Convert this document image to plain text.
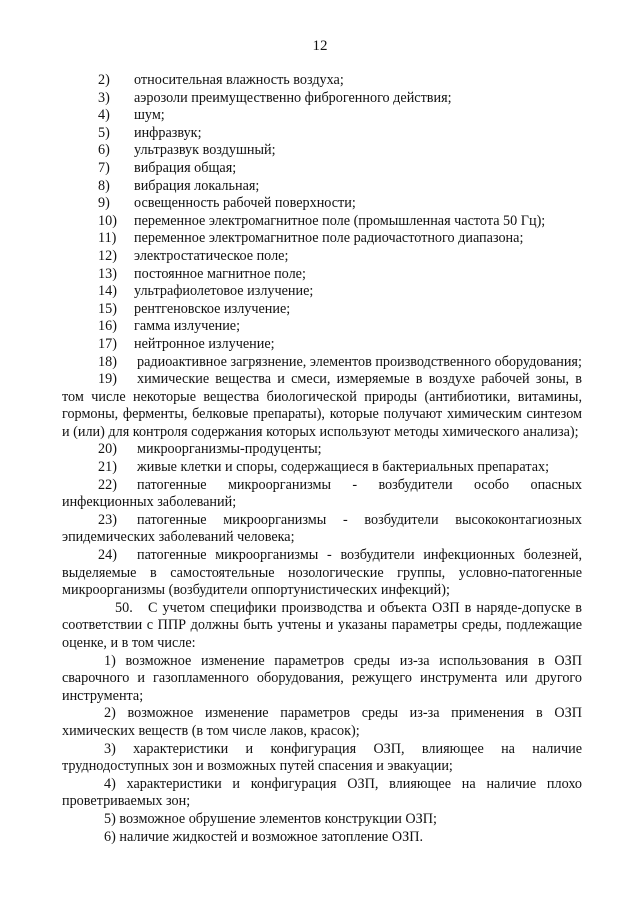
12
2)	относительная влажность воздуха;
3)	аэрозоли преимущественно фиброгенного действия;
4)	шум;
5)	инфразвук;
6)	ультразвук воздушный;
7)	вибрация общая;
8)	вибрация локальная;
9)	освещенность рабочей поверхности;
10)	переменное электромагнитное поле (промышленная частота 50 Гц);
11)	переменное электромагнитное поле радиочастотного диапазона;
12)	электростатическое поле;
13)	постоянное магнитное поле;
14)	ультрафиолетовое излучение;
15)	рентгеновское излучение;
16)	гамма излучение;
17)	нейтронное излучение;
18) радиоактивное загрязнение, элементов производственного оборудования;
19) химические вещества и смеси, измеряемые в воздухе рабочей зоны, в том числе некоторые вещества биологической природы (антибиотики, витамины, гормоны, ферменты, белковые препараты), которые получают химическим синтезом и (или) для контроля содержания которых используют методы химического анализа);
20) микроорганизмы-продуценты;
21) живые клетки и споры, содержащиеся в бактериальных препаратах;
22) патогенные микроорганизмы - возбудители особо опасных инфекционных заболеваний;
23) патогенные микроорганизмы - возбудители высококонтагиозных эпидемических заболеваний человека;
24) патогенные микроорганизмы - возбудители инфекционных болезней, выделяемые в самостоятельные нозологические группы, условно-патогенные микроорганизмы (возбудители оппортунистических инфекций);
50. С учетом специфики производства и объекта ОЗП в наряде-допуске в соответствии с ППР должны быть учтены и указаны параметры среды, подлежащие оценке, и в том числе:
1) возможное изменение параметров среды из-за использования в ОЗП сварочного и газопламенного оборудования, режущего инструмента или другого инструмента;
2) возможное изменение параметров среды из-за применения в ОЗП химических веществ (в том числе лаков, красок);
3) характеристики и конфигурация ОЗП, влияющее на наличие труднодоступных зон и возможных путей спасения и эвакуации;
4) характеристики и конфигурация ОЗП, влияющее на наличие плохо проветриваемых зон;
5) возможное обрушение элементов конструкции ОЗП;
6) наличие жидкостей и возможное затопление ОЗП.
